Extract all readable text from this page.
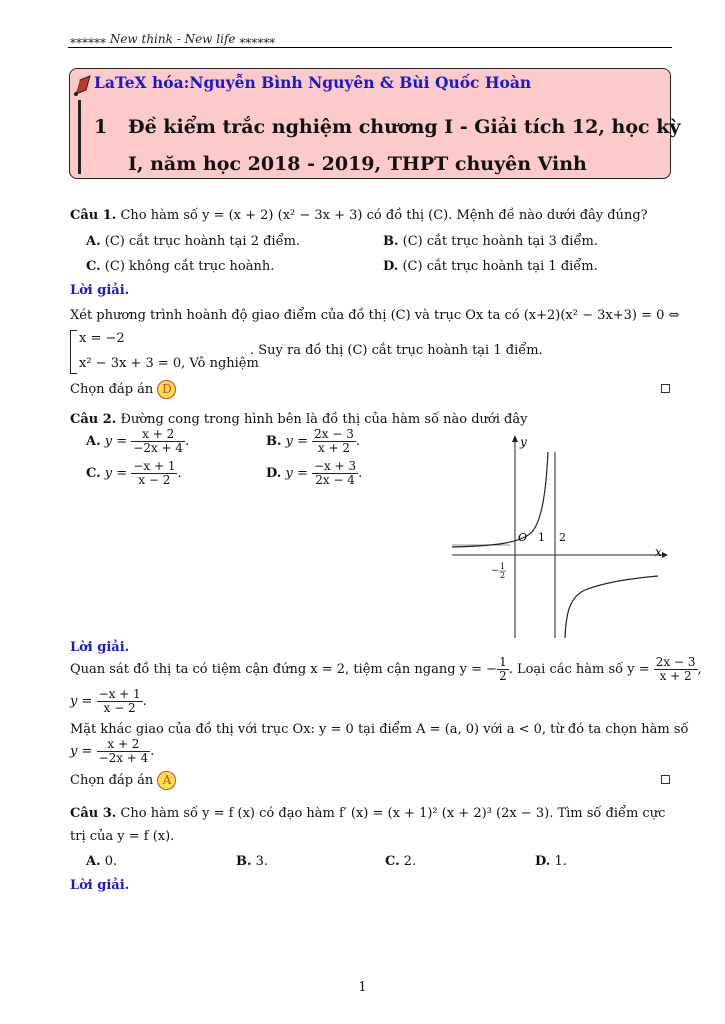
⁎⁎⁎⁎⁎⁎ New think - New life ⁎⁎⁎⁎⁎⁎
LaTeX hóa:Nguyễn Bình Nguyên & Bùi Quốc Hoàn
1 Đề kiểm trắc nghiệm chương I - Giải tích 12, học kỳ
I, năm học 2018 - 2019, THPT chuyên Vinh
Câu 1. Cho hàm số y = (x + 2) (x² − 3x + 3) có đồ thị (C). Mệnh đề nào dưới đây đúng?
A. (C) cắt trục hoành tại 2 điểm.	B. (C) cắt trục hoành tại 3 điểm.
C. (C) không cắt trục hoành.	D. (C) cắt trục hoành tại 1 điểm.
Lời giải.
Xét phương trình hoành độ giao điểm của đồ thị (C) và trục Ox ta có (x+2)(x² − 3x+3) = 0 ⇔
x = −2
x² − 3x + 3 = 0, Vô nghiệm
. Suy ra đồ thị (C) cắt trục hoành tại 1 điểm.
Chọn đáp án D
Câu 2. Đường cong trong hình bên là đồ thị của hàm số nào dưới đây
A. $y = \frac{x + 2}{-2x + 4}$ .	B. $y = \frac{2x - 3}{x + 2}$ .
C. $y = \frac{-x + 1}{x - 2}$ .	D. $y = \frac{-x + 3}{2x - 4}$ .
y
x
O 1 2
− 1
2
Lời giải.
Quan sát đồ thị ta có tiệm cận đứng x = 2, tiệm cận ngang y = − $\frac{1}{2}$ . Loại các hàm số $y = \frac{2x - 3}{x + 2}$ ,
$y = \frac{-x + 1}{x - 2}$ .
Mặt khác giao của đồ thị với trục Ox: y = 0 tại điểm A = (a, 0) với a < 0, từ đó ta chọn hàm số
$y = \frac{x + 2}{-2x + 4}$ .
Chọn đáp án A
Câu 3. Cho hàm số y = f (x) có đạo hàm f′ (x) = (x + 1)² (x + 2)³ (2x − 3). Tìm số điểm cực
trị của y = f (x).
A. 0.	B. 3.	C. 2.	D. 1.
Lời giải.
1
